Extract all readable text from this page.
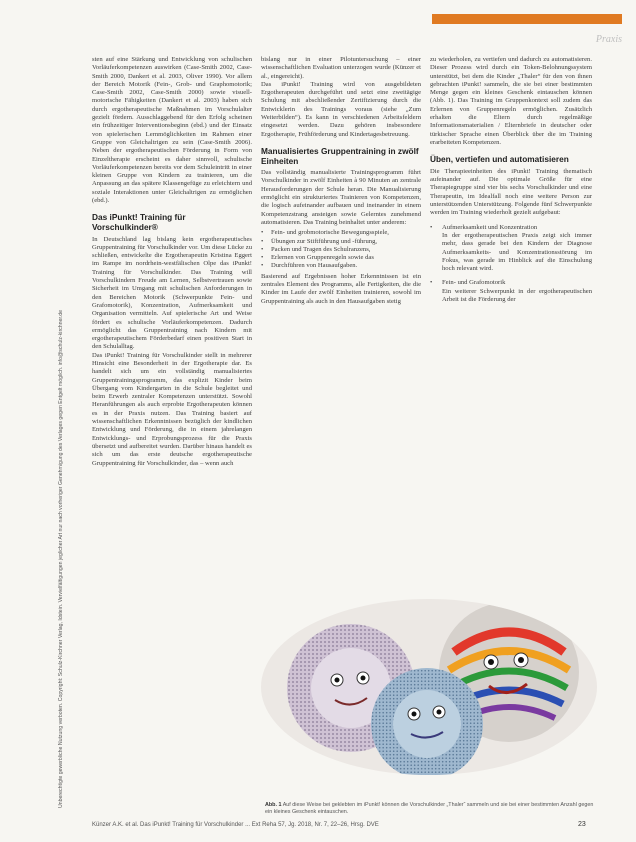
Praxis
Unberechtigte gewerbliche Nutzung verboten. Copyright: Schulz-Kirchner Verlag, Idstein. Vervielfältigungen jeglicher Art nur nach vorheriger Genehmigung des Verlages gegen Entgelt möglich. info@schulz-kirchner.de

sten auf eine Stärkung und Entwicklung von schulischen Vorläuferkompetenzen auswirken (Case-Smith 2002, Case-Smith 2000, Dankert et al. 2003, Oliver 1990). Vor allem der Bereich Motorik (Fein-, Grob- und Graphomotorik; Case-Smith 2002, Case-Smith 2000) sowie visuell-motorische Fähigkeiten (Dankert et al. 2003) haben sich durch ergotherapeutische Maßnahmen im Vorschulalter gezielt fördern. Ausschlaggebend für den Erfolg scheinen ein frühzeitiger Interventionsbeginn (ebd.) und der Einsatz von spielerischen Lernmöglichkeiten im Rahmen einer Gruppe von Gleichaltrigen zu sein (Case-Smith 2006). Neben der ergotherapeutischen Förderung in Form von Einzeltherapie erscheint es daher sinnvoll, schulische Vorläuferkompetenzen bereits vor dem Schuleintritt in einer kleinen Gruppe von Kindern zu trainieren, um die Anpassung an das spätere Klassengefüge zu erleichtern und soziale Interaktionen unter Gleichaltrigen zu ermöglichen (ebd.).

Das iPunkt! Training für Vorschulkinder®

In Deutschland lag bislang kein ergotherapeutisches Gruppentraining für Vorschulkinder vor. Um diese Lücke zu schließen, entwickelte die Ergotherapeutin Kristina Eggert im Rampe im nordrhein-westfälischen Olpe das iPunkt! Training für Vorschulkinder. Das Training will Vorschulkindern Freude am Lernen, Selbstvertrauen sowie Sicherheit im Umgang mit schulischen Anforderungen in den Bereichen Motorik (Schwerpunkte Fein- und Grafomotorik), Konzentration, Aufmerksamkeit und Organisation vermitteln. Auf spielerische Art und Weise fördert es schulische Vorläuferkompetenzen. Dadurch ermöglicht das Gruppentraining nach Kindern mit ergotherapeutischem Förderbedarf einen positiven Start in den Schulalltag.

Das iPunkt! Training für Vorschulkinder stellt in mehrerer Hinsicht eine Besonderheit in der Ergotherapie dar. Es handelt sich um ein vollständig manualisiertes Gruppentrainingsprogramm, das explizit Kinder beim Übergang vom Kindergarten in die Schule begleitet und beim Erwerb zentraler Kompetenzen unterstützt. Sowohl Heranführungen als auch erprobte Ergotherapeuten können es in der Praxis nutzen. Das Training basiert auf wissenschaftlichen Erkenntnissen bezüglich der kindlichen Entwicklung und Förderung, die in einem jahrelangen Entwicklungs- und Erprobungsprozess für die Praxis übersetzt und aufbereitet wurden. Darüber hinaus handelt es sich um das erste deutsche ergotherapeutische Gruppentraining für Vorschulkinder, das – wenn auch

bislang nur in einer Pilotuntersuchung – einer wissenschaftlichen Evaluation unterzogen wurde (Künzer et al., eingereicht).

Das iPunkt! Training wird von ausgebildeten Ergotherapeuten durchgeführt und setzt eine zweitägige Schulung mit abschließender Zertifizierung durch die Entwicklerin des Trainings voraus (siehe „Zum Weiterbilden“). Es kann in verschiedenen Arbeitsfeldern eingesetzt werden. Dazu gehören insbesondere Ergotherapie, Frühförderung und Kindertagesbetreuung.

Manualisiertes Gruppentraining in zwölf Einheiten

Das vollständig manualisierte Trainingsprogramm führt Vorschulkinder in zwölf Einheiten à 90 Minuten an zentrale Herausforderungen der Schule heran. Die Manualisierung ermöglicht ein strukturiertes Trainieren von Kompetenzen, die logisch aufeinander aufbauen und ineinander in einem Kompetenzstrang ansteigen sowie Gelerntes zunehmend automatisieren. Das Training beinhaltet unter anderem:

• Fein- und grobmotorische Bewegungsspiele,
• Übungen zur Stiftführung und -führung,
• Packen und Tragen des Schulranzens,
• Erlernen von Gruppenregeln sowie das
• Durchführen von Hausaufgaben.

Basierend auf Ergebnissen hoher Erkenntnissen ist ein zentrales Element des Programms, alle Fertigkeiten, die die Kinder im Laufe der zwölf Einheiten trainieren, sowohl im Gruppentraining als auch in den Hausaufgaben stetig

zu wiederholen, zu vertiefen und dadurch zu automatisieren. Dieser Prozess wird durch ein Token-Belohnungssystem unterstützt, bei dem die Kinder „Thaler“ für den von ihnen gebrachten iPunkt! sammeln, die sie bei einer bestimmten Menge gegen ein kleines Geschenk eintauschen können (Abb. 1). Das Training im Gruppenkontext soll zudem das Erlernen von Gruppenregeln ermöglichen. Zusätzlich erhalten die Eltern durch regelmäßige Informationsmaterialien / Elternbriefe in deutscher oder türkischer Sprache einen Überblick über die im Training erarbeiteten Kompetenzen.

Üben, vertiefen und automatisieren

Die Therapieeinheiten des iPunkt! Training thematisch aufeinander auf. Die optimale Größe für eine Therapiegruppe sind vier bis sechs Vorschulkinder und eine Therapeutin, im Idealfall noch eine weitere Person zur unterstützenden Unterstützung. Folgende fünf Schwerpunkte werden im Training wiederholt gezielt aufgebaut:

• Aufmerksamkeit und Konzentration
In der ergotherapeutischen Praxis zeigt sich immer mehr, dass gerade bei den Kindern der Diagnose Aufmerksamkeits- und Konzentrationsstörung im Fokus, was gerade im Hinblick auf die Einschulung hoch relevant wird.
• Fein- und Grafomotorik
Ein weiterer Schwerpunkt in der ergotherapeutischen Arbeit ist die Förderung der
Abb. 1 Auf diese Weise bei geklebten im iPunkt! können die Vorschulkinder „Thaler“ sammeln und sie bei einer bestimmten Anzahl gegen ein kleines Geschenk eintauschen.
Künzer A.K. et al. Das iPunkt! Training für Vorschulkinder ... Ext Reha 57, Jg. 2018, Nr. 7, 22–26, Hrsg. DVE	23
